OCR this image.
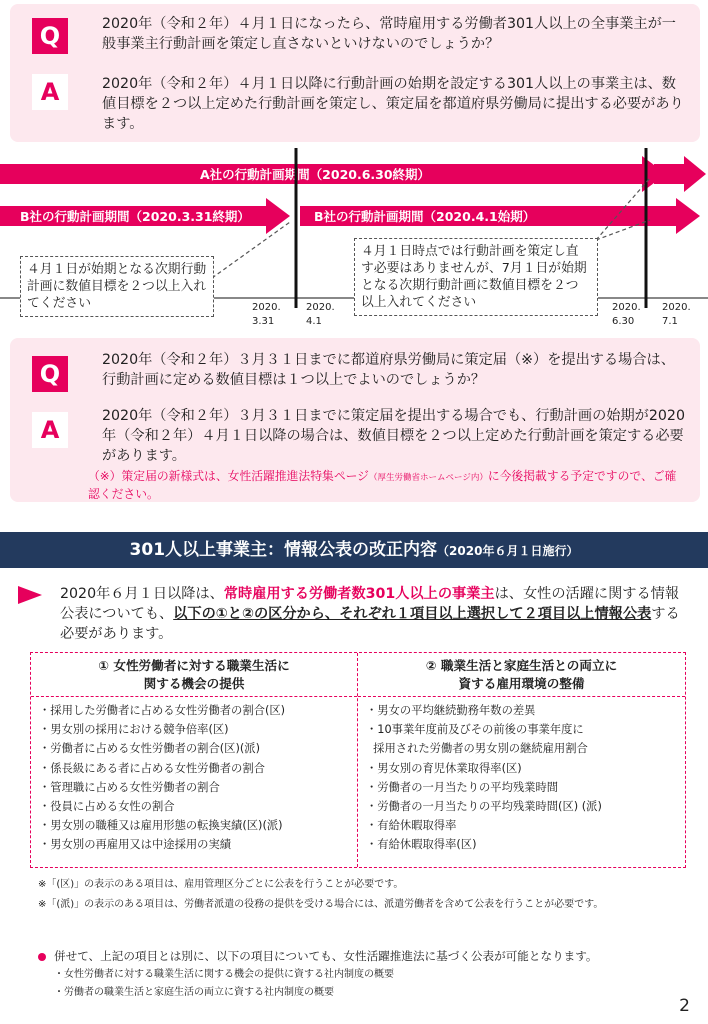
Q	2020年（令和２年）４月１日になったら、常時雇用する労働者301人以上の全事業主が一般事業主行動計画を策定し直さないといけないのでしょうか？
A	2020年（令和２年）４月１日以降に行動計画の始期を設定する301人以上の事業主は、数値目標を２つ以上定めた行動計画を策定し、策定届を都道府県労働局に提出する必要があります。
A社の行動計画期間（2020.6.30終期）
B社の行動計画期間（2020.3.31終期）	B社の行動計画期間（2020.4.1始期）
2020.
3.31
2020.
4.1
2020.
6.30
2020.
7.1
４月１日が始期となる次期行動計画に数値目標を２つ以上入れてください
４月１日時点では行動計画を策定し直す必要はありませんが、7月１日が始期となる次期行動計画に数値目標を２つ以上入れてください
Q	2020年（令和２年）３月３１日までに都道府県労働局に策定届（※）を提出する場合は、行動計画に定める数値目標は１つ以上でよいのでしょうか？
A	2020年（令和２年）３月３１日までに策定届を提出する場合でも、行動計画の始期が2020年（令和２年）４月１日以降の場合は、数値目標を２つ以上定めた行動計画を策定する必要があります。
（※）策定届の新様式は、女性活躍推進法特集ページ（厚生労働省ホームページ内）に今後掲載する予定ですので、ご確認ください。
301人以上事業主：情報公表の改正内容（2020年６月１日施行）
2020年６月１日以降は、常時雇用する労働者数301人以上の事業主は、女性の活躍に関する情報公表についても、以下の①と②の区分から、それぞれ１項目以上選択して２項目以上情報公表する必要があります。
① 女性労働者に対する職業生活に
関する機会の提供
・採用した労働者に占める女性労働者の割合(区)
・男女別の採用における競争倍率(区)
・労働者に占める女性労働者の割合(区)(派)
・係長級にある者に占める女性労働者の割合
・管理職に占める女性労働者の割合
・役員に占める女性の割合
・男女別の職種又は雇用形態の転換実績(区)(派)
・男女別の再雇用又は中途採用の実績
② 職業生活と家庭生活との両立に
資する雇用環境の整備
・男女の平均継続勤務年数の差異
・10事業年度前及びその前後の事業年度に
採用された労働者の男女別の継続雇用割合
・男女別の育児休業取得率(区)
・労働者の一月当たりの平均残業時間
・労働者の一月当たりの平均残業時間(区) (派)
・有給休暇取得率
・有給休暇取得率(区)
※「(区)」の表示のある項目は、雇用管理区分ごとに公表を行うことが必要です。
※「(派)」の表示のある項目は、労働者派遣の役務の提供を受ける場合には、派遣労働者を含めて公表を行うことが必要です。
併せて、上記の項目とは別に、以下の項目についても、女性活躍推進法に基づく公表が可能となります。
・女性労働者に対する職業生活に関する機会の提供に資する社内制度の概要
・労働者の職業生活と家庭生活の両立に資する社内制度の概要
2
